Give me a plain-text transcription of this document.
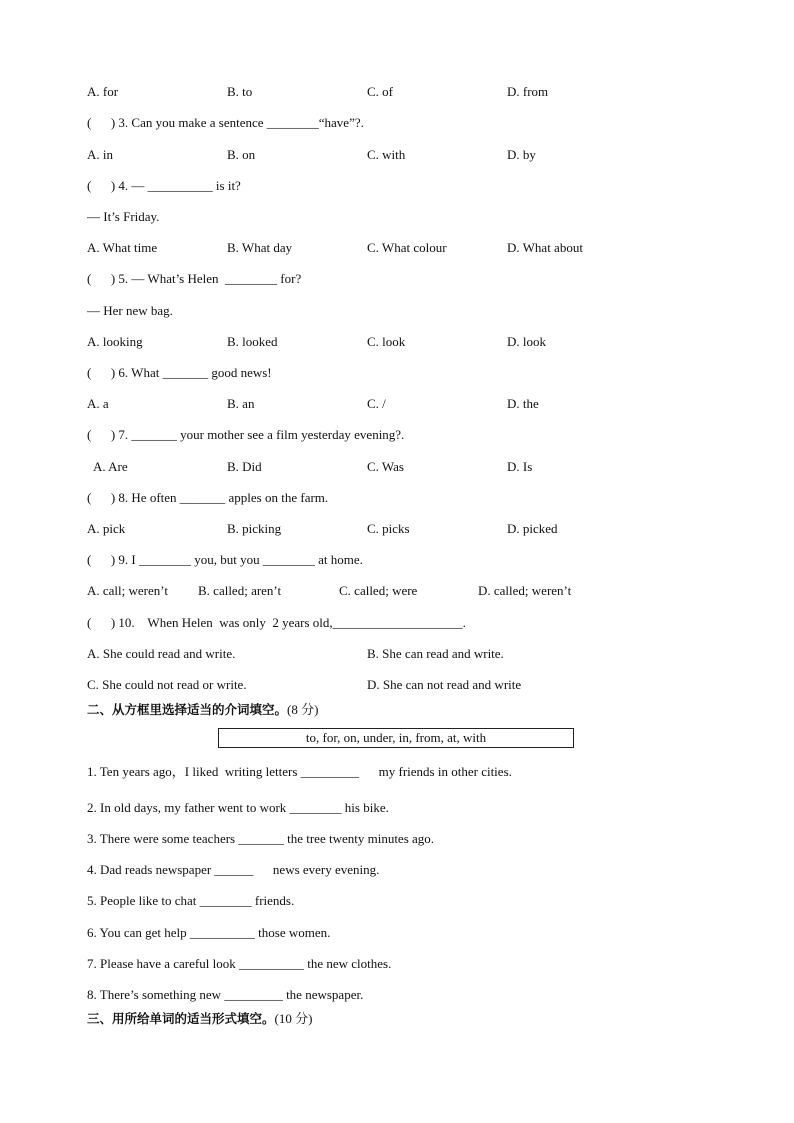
A. for	B. to	C. of	D. from
(      ) 3. Can you make a sentence ________“have”?.
A. in	B. on	C. with	D. by
(      ) 4. — __________ is it?
— It’s Friday.
A. What time	B. What day	C. What colour	D. What about
(      ) 5. — What’s Helen  ________ for?
— Her new bag.
A. looking	B. looked	C. look	D. look
(      ) 6. What _______ good news!
A. a	B. an	C. /	D. the
(      ) 7. _______ your mother see a film yesterday evening?.
A. Are	B. Did	C. Was	D. Is
(      ) 8. He often _______ apples on the farm.
A. pick	B. picking	C. picks	D. picked
(      ) 9. I ________ you, but you ________ at home.
A. call; weren’t B. called; aren’t	C. called; were	D. called; weren’t
(      ) 10.    When Helen  was only  2 years old,____________________.
A. She could read and write.	B. She can read and write.
C. She could not read or write.	D. She can not read and write
二、从方框里选择适当的介词填空。(8 分)
to, for, on, under, in, from, at, with
1. Ten years ago，I liked  writing letters _________      my friends in other cities.
2. In old days, my father went to work ________ his bike.
3. There were some teachers _______ the tree twenty minutes ago.
4. Dad reads newspaper ______      news every evening.
5. People like to chat ________ friends.
6. You can get help __________ those women.
7. Please have a careful look __________ the new clothes.
8. There’s something new _________ the newspaper.
三、用所给单词的适当形式填空。(10 分)
